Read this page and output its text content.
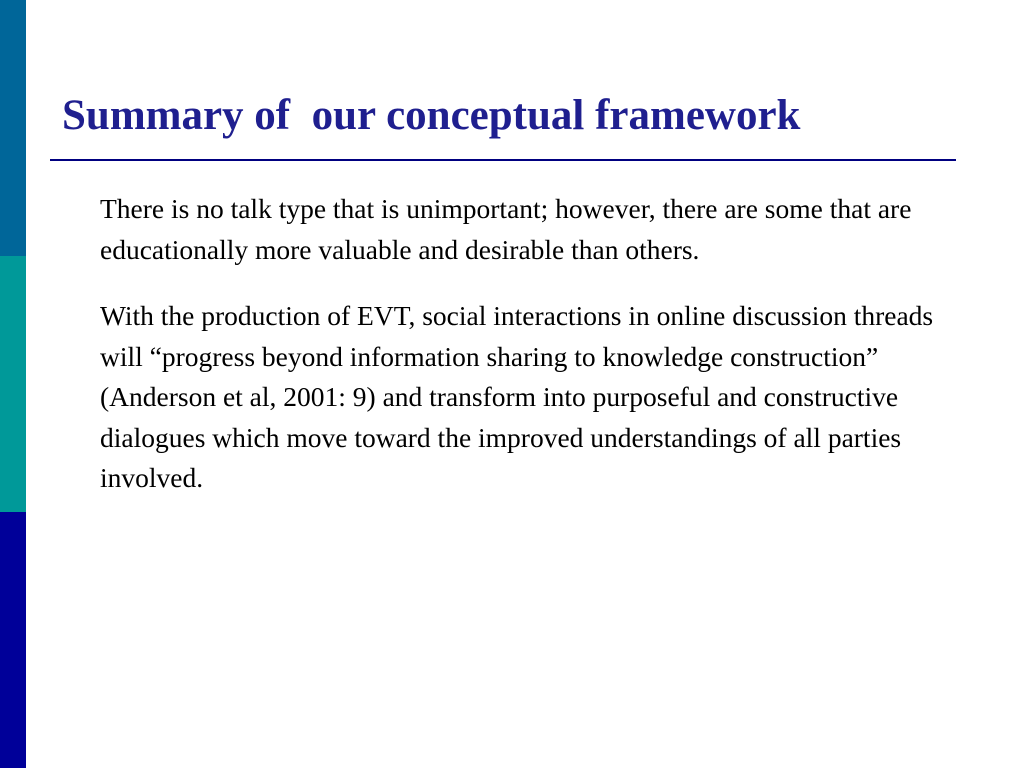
Summary of  our conceptual framework

There is no talk type that is unimportant; however, there are some that are educationally more valuable and desirable than others.

With the production of EVT, social interactions in online discussion threads will “progress beyond information sharing to knowledge construction” (Anderson et al, 2001: 9) and transform into purposeful and constructive dialogues which move toward the improved understandings of all parties involved.
